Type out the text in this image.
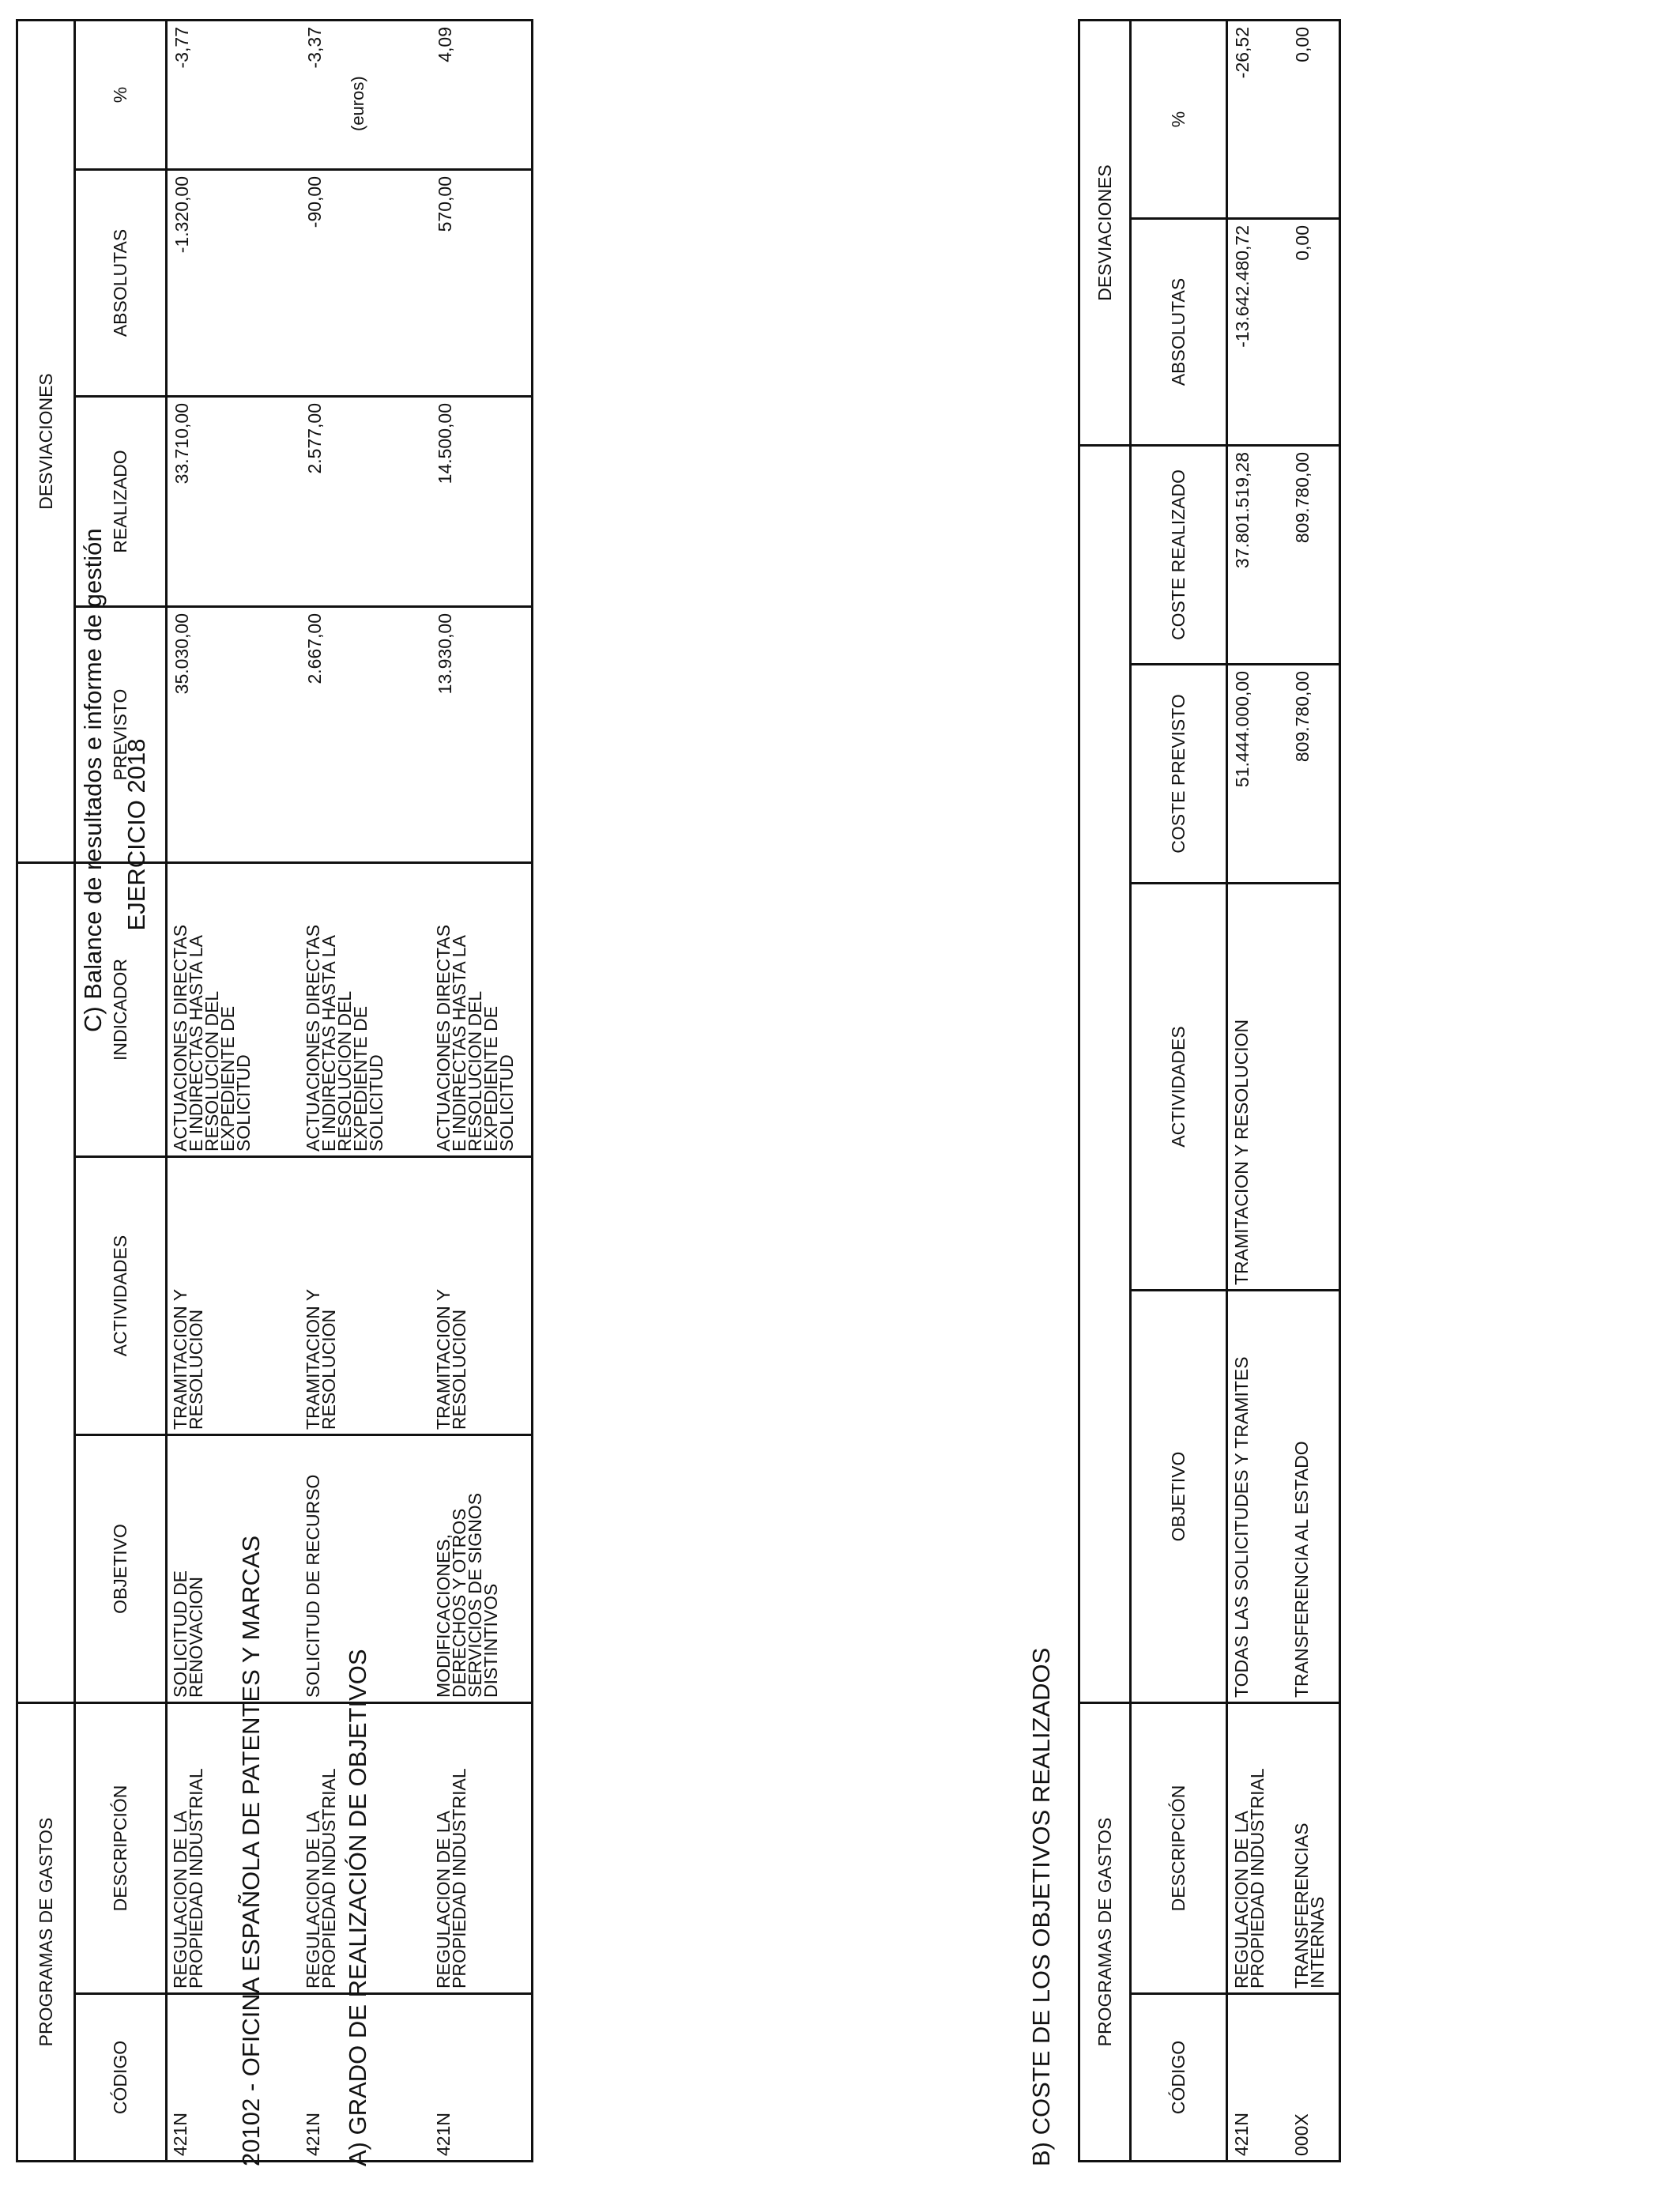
C) Balance de resultados e informe de gestión EJERCICIO 2018
20102 - OFICINA ESPAÑOLA DE PATENTES Y MARCAS	A) GRADO DE REALIZACIÓN DE OBJETIVOS
(euros)
PROGRAMAS DE GASTOS
DESVIACIONES
CÓDIGO
DESCRIPCIÓN
OBJETIVO
ACTIVIDADES
INDICADOR
PREVISTO
REALIZADO
ABSOLUTAS
%
421N
REGULACION DE LA
PROPIEDAD INDUSTRIAL
SOLICITUD DE
RENOVACION
TRAMITACION Y
RESOLUCION
ACTUACIONES DIRECTAS
E INDIRECTAS HASTA LA
RESOLUCION DEL
EXPEDIENTE DE
SOLICITUD
35.030,00
33.710,00
-1.320,00
-3,77
421N
REGULACION DE LA
PROPIEDAD INDUSTRIAL
SOLICITUD DE RECURSO
TRAMITACION Y
RESOLUCION
ACTUACIONES DIRECTAS
E INDIRECTAS HASTA LA
RESOLUCION DEL
EXPEDIENTE DE
SOLICITUD
2.667,00
2.577,00
-90,00
-3,37
421N
REGULACION DE LA
PROPIEDAD INDUSTRIAL
MODIFICACIONES,
DERECHOS Y OTROS
SERVICIOS DE SIGNOS
DISTINTIVOS
TRAMITACION Y
RESOLUCION
ACTUACIONES DIRECTAS
E INDIRECTAS HASTA LA
RESOLUCION DEL
EXPEDIENTE DE
SOLICITUD
13.930,00
14.500,00
570,00
4,09
B) COSTE DE LOS OBJETIVOS REALIZADOS	PROGRAMAS DE GASTOS
DESVIACIONES
CÓDIGO
DESCRIPCIÓN
OBJETIVO
ACTIVIDADES
COSTE PREVISTO
COSTE REALIZADO
ABSOLUTAS
%
421N
REGULACION DE LA
PROPIEDAD INDUSTRIAL
TODAS LAS SOLICITUDES Y TRAMITES
TRAMITACION Y RESOLUCION
51.444.000,00
37.801.519,28
-13.642.480,72
-26,52
000X
TRANSFERENCIAS
INTERNAS
TRANSFERENCIA AL ESTADO
809.780,00
809.780,00
0,00
0,00
